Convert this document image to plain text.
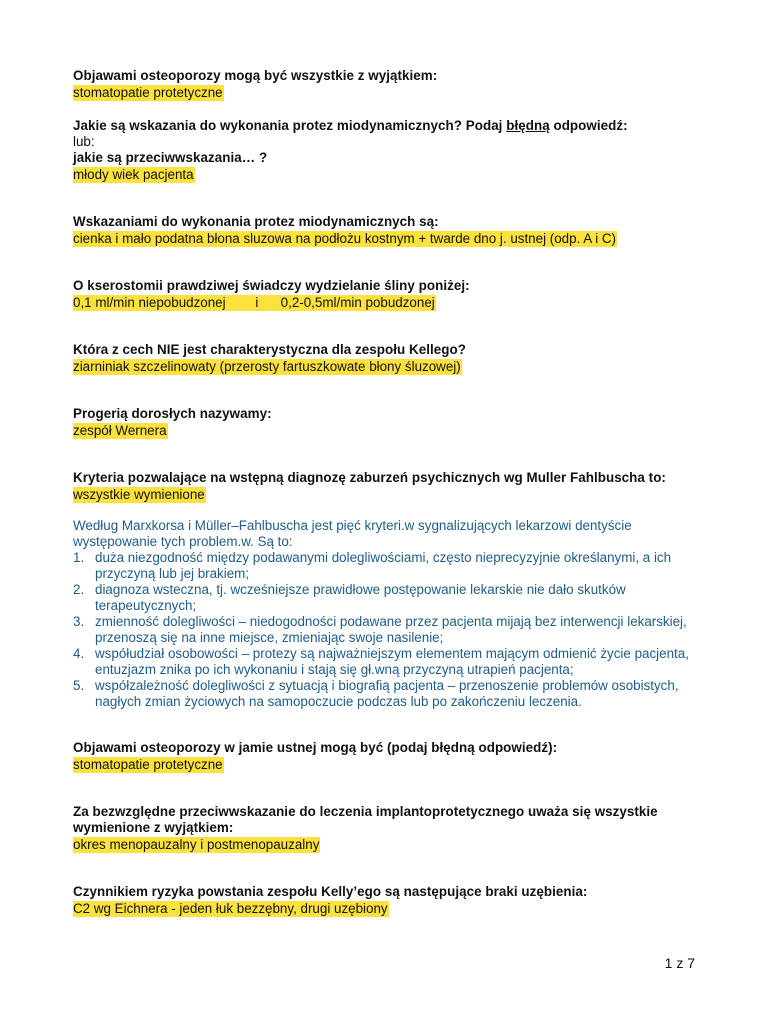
Objawami osteoporozy mogą być wszystkie z wyjątkiem:
stomatopatie protetyczne
Jakie są wskazania do wykonania protez miodynamicznych? Podaj błędną odpowiedź:
lub:
jakie są przeciwwskazania… ?
młody wiek pacjenta
Wskazaniami do wykonania protez miodynamicznych są:
cienka i mało podatna błona sluzowa na podłożu kostnym + twarde dno j. ustnej (odp. A i C)
O kserostomii prawdziwej świadczy wydzielanie śliny poniżej:
0,1 ml/min niepobudzonej        i      0,2-0,5ml/min pobudzonej
Która z cech NIE jest charakterystyczna dla zespołu Kellego?
ziarniniak szczelinowaty (przerosty fartuszkowate błony śluzowej)
Progerią dorosłych nazywamy:
zespół Wernera
Kryteria pozwalające na wstępną diagnozę zaburzeń psychicznych wg Muller Fahlbuscha to:
wszystkie wymienione
Według Marxkorsa i Müller–Fahlbuscha jest pięć kryteri.w sygnalizujących lekarzowi dentyście występowanie tych problem.w. Są to:
1. duża niezgodność między podawanymi dolegliwościami, często nieprecyzyjnie określanymi, a ich przyczyną lub jej brakiem;
2. diagnoza wsteczna, tj. wcześniejsze prawidłowe postępowanie lekarskie nie dało skutków terapeutycznych;
3. zmienność dolegliwości – niedogodności podawane przez pacjenta mijają bez interwencji lekarskiej, przenoszą się na inne miejsce, zmieniając swoje nasilenie;
4. współudział osobowości – protezy są najważniejszym elementem mającym odmienić życie pacjenta, entuzjazm znika po ich wykonaniu i stają się gł.wną przyczyną utrapień pacjenta;
5. współzależność dolegliwości z sytuacją i biografią pacjenta – przenoszenie problemów osobistych, nagłych zmian życiowych na samopoczucie podczas lub po zakończeniu leczenia.
Objawami osteoporozy w jamie ustnej mogą być (podaj błędną odpowiedź):
stomatopatie protetyczne
Za bezwzględne przeciwwskazanie do leczenia implantoprotetycznego uważa się wszystkie wymienione z wyjątkiem:
okres menopauzalny i postmenopauzalny
Czynnikiem ryzyka powstania zespołu Kelly’ego są następujące braki uzębienia:
C2 wg Eichnera - jeden łuk bezzębny, drugi uzębiony
1 z 7
